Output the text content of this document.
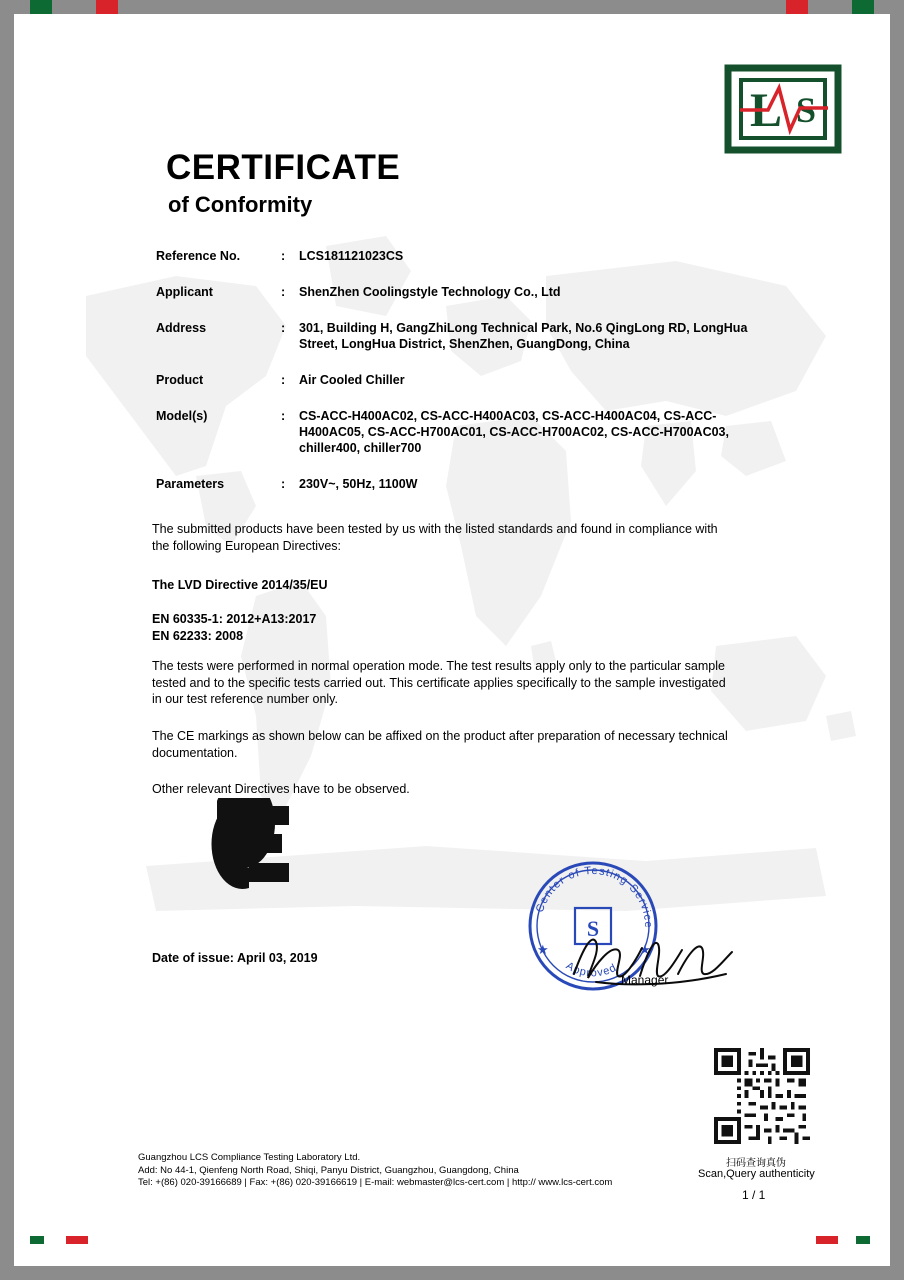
L S
CERTIFICATE
of Conformity
Reference No.	:	LCS181121023CS
Applicant	:	ShenZhen Coolingstyle Technology Co., Ltd
Address	:	301, Building H, GangZhiLong Technical Park, No.6 QingLong RD, LongHua Street, LongHua District, ShenZhen, GuangDong, China
Product	:	Air Cooled Chiller
Model(s)	:	CS-ACC-H400AC02, CS-ACC-H400AC03, CS-ACC-H400AC04, CS-ACC-H400AC05, CS-ACC-H700AC01, CS-ACC-H700AC02, CS-ACC-H700AC03, chiller400, chiller700
Parameters	:	230V~, 50Hz, 1100W
The submitted products have been tested by us with the listed standards and found in compliance with the following European Directives:
The LVD Directive 2014/35/EU
EN 60335-1: 2012+A13:2017
EN 62233: 2008
The tests were performed in normal operation mode. The test results apply only to the particular sample tested and to the specific tests carried out. This certificate applies specifically to the sample investigated in our test reference number only.
The CE markings as shown below can be affixed on the product after preparation of necessary technical documentation.
Other relevant Directives have to be observed.
Date of issue: April 03, 2019
S
Center of Testing Service
Approved
★	★
Manager
扫码查询真伪
Scan,Query authenticity
1 / 1
Guangzhou LCS Compliance Testing Laboratory Ltd.
Add: No 44-1, Qienfeng North Road, Shiqi, Panyu District, Guangzhou, Guangdong, China
Tel: +(86) 020-39166689 | Fax: +(86) 020-39166619 | E-mail: webmaster@lcs-cert.com | http:// www.lcs-cert.com
